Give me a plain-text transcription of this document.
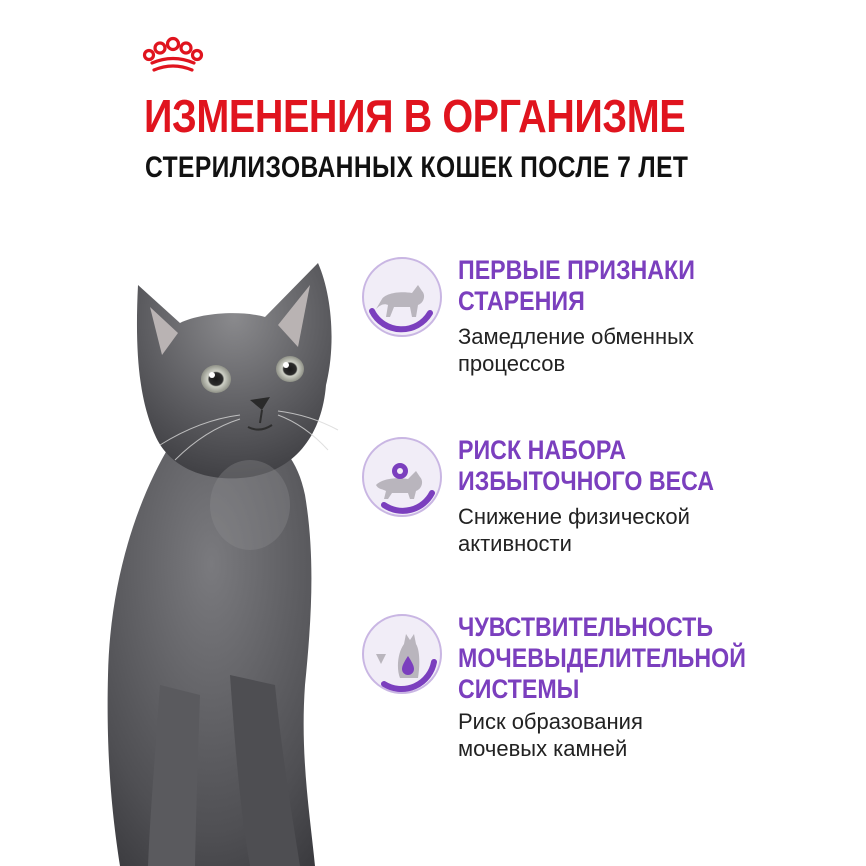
ИЗМЕНЕНИЯ В ОРГАНИЗМЕ
СТЕРИЛИЗОВАННЫХ КОШЕК ПОСЛЕ 7 ЛЕТ
ПЕРВЫЕ ПРИЗНАКИ
СТАРЕНИЯ
Замедление обменных
процессов
РИСК НАБОРА
ИЗБЫТОЧНОГО ВЕСА
Снижение физической
активности
ЧУВСТВИТЕЛЬНОСТЬ
МОЧЕВЫДЕЛИТЕЛЬНОЙ
СИСТЕМЫ
Риск образования
мочевых камней
